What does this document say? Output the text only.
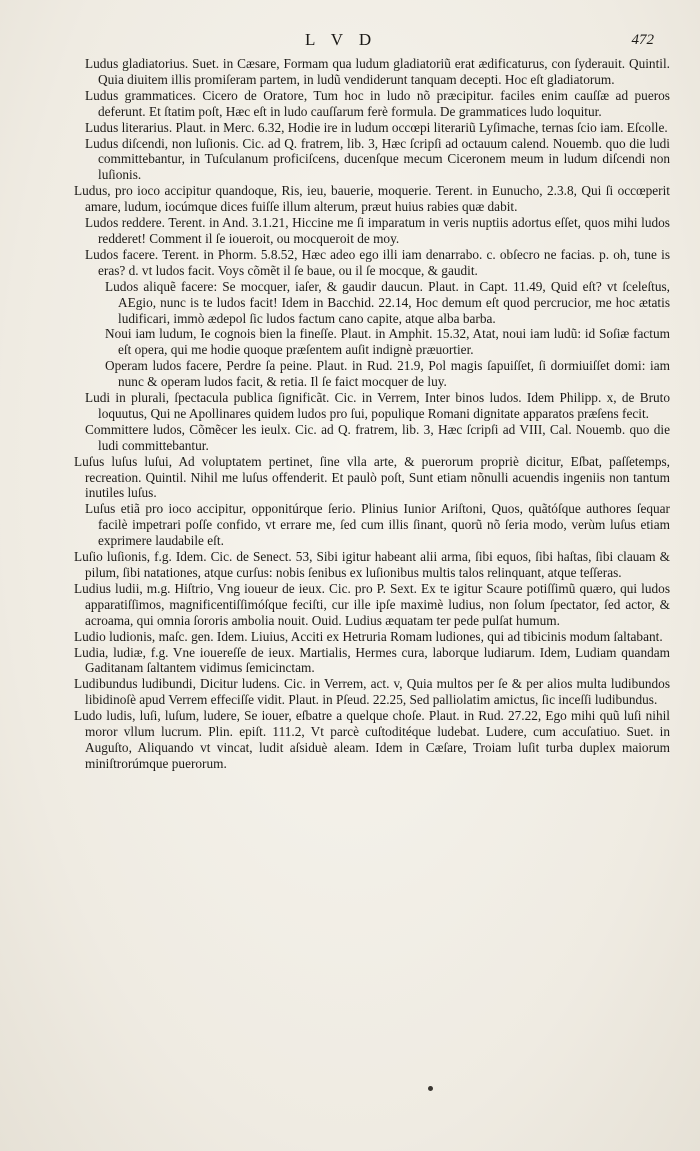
L V D	472

Ludus gladiatorius. Suet. in Cæsare, Formam qua ludum gladiatoriũ erat ædificaturus, con ſyderauit. Quintil. Quia diuitem illis promiſeram partem, in ludũ vendiderunt tanquam decepti. Hoc eſt gladiatorum.

Ludus grammatices. Cicero de Oratore, Tum hoc in ludo nõ præcipitur. faciles enim cauſſæ ad pueros deferunt. Et ſtatim poſt, Hæc eſt in ludo cauſſarum ferè formula. De grammatices ludo loquitur.

Ludus literarius. Plaut. in Merc. 6.32, Hodie ire in ludum occœpi literariũ Lyſimache, ternas ſcio iam. Eſcolle.

Ludus diſcendi, non luſionis. Cic. ad Q. fratrem, lib. 3, Hæc ſcripſi ad octauum calend. Nouemb. quo die ludi committebantur, in Tuſculanum proficiſcens, ducenſque mecum Ciceronem meum in ludum diſcendi non luſionis.

Ludus, pro ioco accipitur quandoque, Ris, ieu, bauerie, moquerie. Terent. in Eunucho, 2.3.8, Qui ſi occœperit amare, ludum, iocúmque dices fuiſſe illum alterum, præut huius rabies quæ dabit.

Ludos reddere. Terent. in And. 3.1.21, Hiccine me ſi imparatum in veris nuptiis adortus eſſet, quos mihi ludos redderet! Comment il ſe ioueroit, ou mocqueroit de moy.

Ludos facere. Terent. in Phorm. 5.8.52, Hæc adeo ego illi iam denarrabo. c. obſecro ne facias. p. oh, tune is eras? d. vt ludos facit. Voys cõmẽt il ſe baue, ou il ſe mocque, & gaudit.

Ludos aliquẽ facere: Se mocquer, iaſer, & gaudir daucun. Plaut. in Capt. 11.49, Quid eſt? vt ſceleſtus, AEgio, nunc is te ludos facit! Idem in Bacchid. 22.14, Hoc demum eſt quod percrucior, me hoc ætatis ludificari, immò ædepol ſic ludos factum cano capite, atque alba barba.

Noui iam ludum, Ie cognois bien la fineſſe. Plaut. in Amphit. 15.32, Atat, noui iam ludũ: id Soſiæ factum eſt opera, qui me hodie quoque præſentem auſit indignè præuortier.

Operam ludos facere, Perdre ſa peine. Plaut. in Rud. 21.9, Pol magis ſapuiſſet, ſi dormiuiſſet domi: iam nunc & operam ludos facit, & retia. Il ſe faict mocquer de luy.

Ludi in plurali, ſpectacula publica ſignificãt. Cic. in Verrem, Inter binos ludos. Idem Philipp. x, de Bruto loquutus, Qui ne Apollinares quidem ludos pro ſui, populique Romani dignitate apparatos præſens fecit.

Committere ludos, Cõmẽcer les ieulx. Cic. ad Q. fratrem, lib. 3, Hæc ſcripſi ad VIII, Cal. Nouemb. quo die ludi committebantur.

Luſus luſus luſui, Ad voluptatem pertinet, ſine vlla arte, & puerorum propriè dicitur, Eſbat, paſſetemps, recreation. Quintil. Nihil me luſus offenderit. Et paulò poſt, Sunt etiam nõnulli acuendis ingeniis non tantum inutiles luſus.

Luſus etiã pro ioco accipitur, opponitúrque ſerio. Plinius Iunior Ariſtoni, Quos, quãtóſque authores ſequar facilè impetrari poſſe confido, vt errare me, ſed cum illis ſinant, quorũ nõ ſeria modo, verùm luſus etiam exprimere laudabile eſt.

Luſio luſionis, f.g. Idem. Cic. de Senect. 53, Sibi igitur habeant alii arma, ſibi equos, ſibi haſtas, ſibi clauam & pilum, ſibi natationes, atque curſus: nobis ſenibus ex luſionibus multis talos relinquant, atque teſſeras.

Ludius ludii, m.g. Hiſtrio, Vng ioueur de ieux. Cic. pro P. Sext. Ex te igitur Scaure potiſſimũ quæro, qui ludos apparatiſſimos, magnificentiſſimóſque feciſti, cur ille ipſe maximè ludius, non ſolum ſpectator, ſed actor, & acroama, qui omnia ſororis ambolia nouit. Ouid. Ludius æquatam ter pede pulſat humum.

Ludio ludionis, maſc. gen. Idem. Liuius, Acciti ex Hetruria Romam ludiones, qui ad tibicinis modum ſaltabant.

Ludia, ludiæ, f.g. Vne iouereſſe de ieux. Martialis, Hermes cura, laborque ludiarum. Idem, Ludiam quandam Gaditanam ſaltantem vidimus ſemicinctam.

Ludibundus ludibundi, Dicitur ludens. Cic. in Verrem, act. v, Quia multos per ſe & per alios multa ludibundos libidinoſè apud Verrem effeciſſe vidit. Plaut. in Pſeud. 22.25, Sed palliolatim amictus, ſic inceſſi ludibundus.

Ludo ludis, luſi, luſum, ludere, Se iouer, eſbatre a quelque choſe. Plaut. in Rud. 27.22, Ego mihi quũ luſi nihil moror vllum lucrum. Plin. epiſt. 111.2, Vt parcè cuſtoditéque ludebat. Ludere, cum accuſatiuo. Suet. in Auguſto, Aliquando vt vincat, ludit aſsiduè aleam. Idem in Cæſare, Troiam luſit turba duplex maiorum miniſtrorúmque puerorum.
